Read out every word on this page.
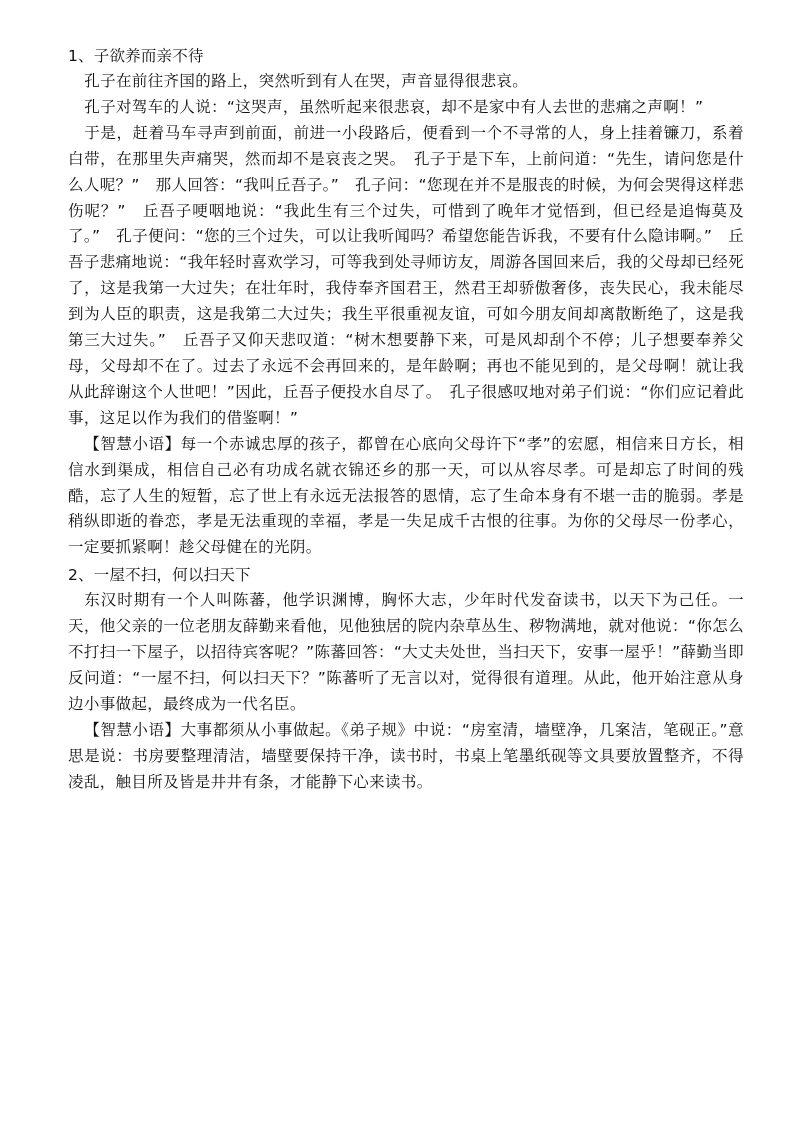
1、子欲养而亲不待

孔子在前往齐国的路上，突然听到有人在哭，声音显得很悲哀。

孔子对驾车的人说：“这哭声，虽然听起来很悲哀，却不是家中有人去世的悲痛之声啊！”

于是，赶着马车寻声到前面，前进一小段路后，便看到一个不寻常的人，身上挂着镰刀，系着白带，在那里失声痛哭，然而却不是哀丧之哭。　孔子于是下车，上前问道：“先生，请问您是什么人呢？”　那人回答：“我叫丘吾子。”　孔子问：“您现在并不是服丧的时候，为何会哭得这样悲伤呢？”　丘吾子哽咽地说：“我此生有三个过失，可惜到了晚年才觉悟到，但已经是追悔莫及了。”　孔子便问：“您的三个过失，可以让我听闻吗？希望您能告诉我，不要有什么隐讳啊。”　丘吾子悲痛地说：“我年轻时喜欢学习，可等我到处寻师访友，周游各国回来后，我的父母却已经死了，这是我第一大过失；在壮年时，我侍奉齐国君王，然君王却骄傲奢侈，丧失民心，我未能尽到为人臣的职责，这是我第二大过失；我生平很重视友谊，可如今朋友间却离散断绝了，这是我第三大过失。”　丘吾子又仰天悲叹道：“树木想要静下来，可是风却刮个不停；儿子想要奉养父母，父母却不在了。过去了永远不会再回来的，是年龄啊；再也不能见到的，是父母啊！就让我从此辞谢这个人世吧！”因此，丘吾子便投水自尽了。　孔子很感叹地对弟子们说：“你们应记着此事，这足以作为我们的借鉴啊！”

【智慧小语】每一个赤诚忠厚的孩子，都曾在心底向父母许下“孝”的宏愿，相信来日方长，相信水到渠成，相信自己必有功成名就衣锦还乡的那一天，可以从容尽孝。可是却忘了时间的残酷，忘了人生的短暂，忘了世上有永远无法报答的恩情，忘了生命本身有不堪一击的脆弱。孝是稍纵即逝的眷恋，孝是无法重现的幸福，孝是一失足成千古恨的往事。为你的父母尽一份孝心，一定要抓紧啊！趁父母健在的光阴。

2、一屋不扫，何以扫天下

东汉时期有一个人叫陈蕃，他学识渊博，胸怀大志，少年时代发奋读书，以天下为己任。一天，他父亲的一位老朋友薛勤来看他，见他独居的院内杂草丛生、秽物满地，就对他说：“你怎么不打扫一下屋子，以招待宾客呢？”陈蕃回答：“大丈夫处世，当扫天下，安事一屋乎！”薛勤当即反问道：“一屋不扫，何以扫天下？”陈蕃听了无言以对，觉得很有道理。从此，他开始注意从身边小事做起，最终成为一代名臣。

【智慧小语】大事都须从小事做起。《弟子规》中说：“房室清，墙壁净，几案洁，笔砚正。”意思是说：书房要整理清洁，墙壁要保持干净，读书时，书桌上笔墨纸砚等文具要放置整齐，不得凌乱，触目所及皆是井井有条，才能静下心来读书。
